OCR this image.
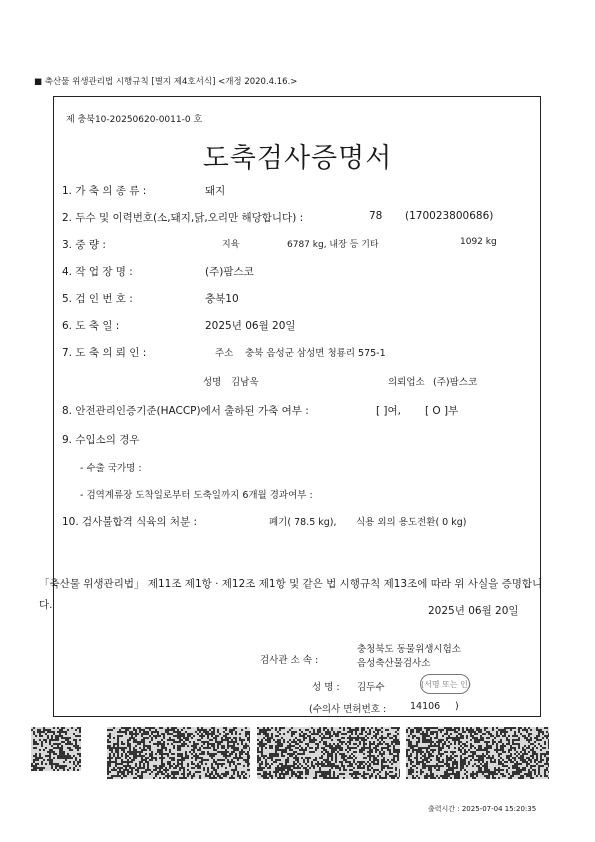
■ 축산물 위생관리법 시행규칙 [별지 제4호서식] <개정 2020.4.16.>
제 충북10-20250620-0011-0 호
도축검사증명서
1. 가 축 의 종 류 :	돼지
2. 두수 및 이력번호(소,돼지,닭,오리만 해당합니다) :	78 (170023800686)
3. 중 량 :	지육	6787 kg, 내장 등 기타	1092 kg
4. 작 업 장 명 :	(주)팜스코
5. 검 인 번 호 :	충북10
6. 도 축 일 :	2025년 06월 20일
7. 도 축 의 뢰 인 :	주소 충북 음성군 삼성면 청룡리 575-1
성명 김남욱	의뢰업소 (주)팜스코
8. 안전관리인증기준(HACCP)에서 출하된 가축 여부 :	[ ]여, [ O ]부
9. 수입소의 경우
- 수출 국가명 :
- 검역계류장 도착일로부터 도축일까지 6개월 경과여부 :
10. 검사불합격 식육의 처분 :	폐기( 78.5 kg), 식용 외의 용도전환( 0 kg)
「축산물 위생관리법」 제11조 제1항 · 제12조 제1항 및 같은 법 시행규칙 제13조에 따라 위 사실을 증명합니다.	2025년 06월 20일
검사관 소 속 :
충청북도 동물위생시험소
음성축산물검사소
성 명 : 김두수	(서명 또는 인)
(수의사 면허번호 :	14106 )
출력시간 : 2025-07-04 15:20:35
